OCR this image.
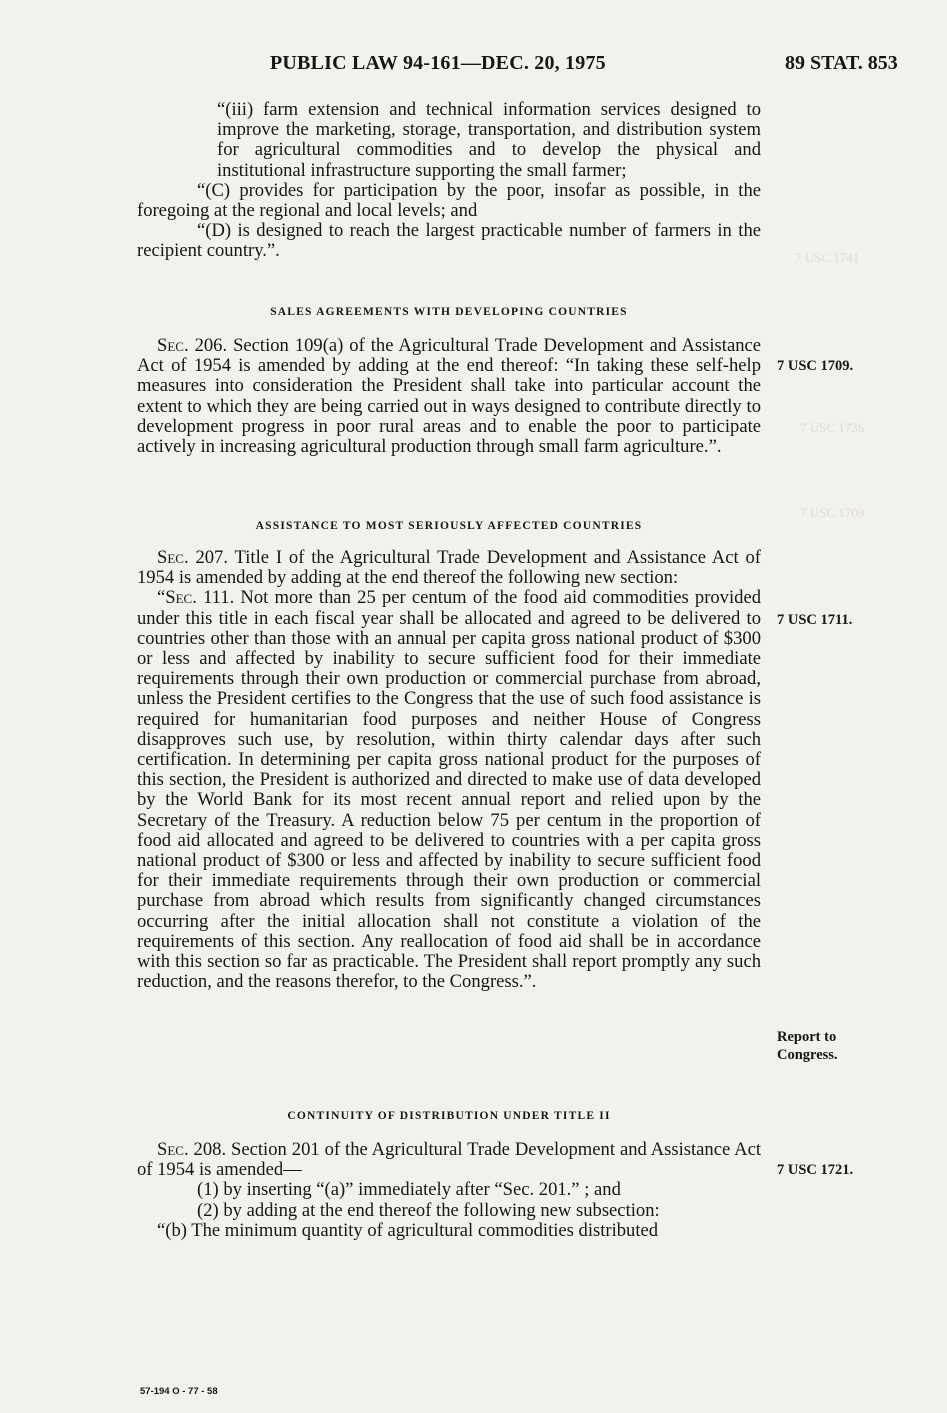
PUBLIC LAW 94-161—DEC. 20, 1975	89 STAT. 853
7 USC 1741
7 USC 1736
7 USC 1709

“(iii) farm extension and technical information services designed to improve the marketing, storage, transportation, and distribution system for agricultural commodities and to develop the physical and institutional infrastructure supporting the small farmer;

“(C) provides for participation by the poor, insofar as possible, in the foregoing at the regional and local levels; and

“(D) is designed to reach the largest practicable number of farmers in the recipient country.”.

SALES AGREEMENTS WITH DEVELOPING COUNTRIES

Sec. 206. Section 109(a) of the Agricultural Trade Development and Assistance Act of 1954 is amended by adding at the end thereof: “In taking these self-help measures into consideration the President shall take into particular account the extent to which they are being carried out in ways designed to contribute directly to development progress in poor rural areas and to enable the poor to participate actively in increasing agricultural production through small farm agriculture.”.

7 USC 1709.
ASSISTANCE TO MOST SERIOUSLY AFFECTED COUNTRIES

Sec. 207. Title I of the Agricultural Trade Development and Assistance Act of 1954 is amended by adding at the end thereof the following new section:

“Sec. 111. Not more than 25 per centum of the food aid commodities provided under this title in each fiscal year shall be allocated and agreed to be delivered to countries other than those with an annual per capita gross national product of $300 or less and affected by inability to secure sufficient food for their immediate requirements through their own production or commercial purchase from abroad, unless the President certifies to the Congress that the use of such food assistance is required for humanitarian food purposes and neither House of Congress disapproves such use, by resolution, within thirty calendar days after such certification. In determining per capita gross national product for the purposes of this section, the President is authorized and directed to make use of data developed by the World Bank for its most recent annual report and relied upon by the Secretary of the Treasury. A reduction below 75 per centum in the proportion of food aid allocated and agreed to be delivered to countries with a per capita gross national product of $300 or less and affected by inability to secure sufficient food for their immediate requirements through their own production or commercial purchase from abroad which results from significantly changed circumstances occurring after the initial allocation shall not constitute a violation of the requirements of this section. Any reallocation of food aid shall be in accordance with this section so far as practicable. The President shall report promptly any such reduction, and the reasons therefor, to the Congress.”.

7 USC 1711.
Report to
Congress.
CONTINUITY OF DISTRIBUTION UNDER TITLE II

Sec. 208. Section 201 of the Agricultural Trade Development and Assistance Act of 1954 is amended—

(1) by inserting “(a)” immediately after “Sec. 201.” ; and

(2) by adding at the end thereof the following new subsection:

“(b) The minimum quantity of agricultural commodities distributed

7 USC 1721.
57-194 O - 77 - 58
